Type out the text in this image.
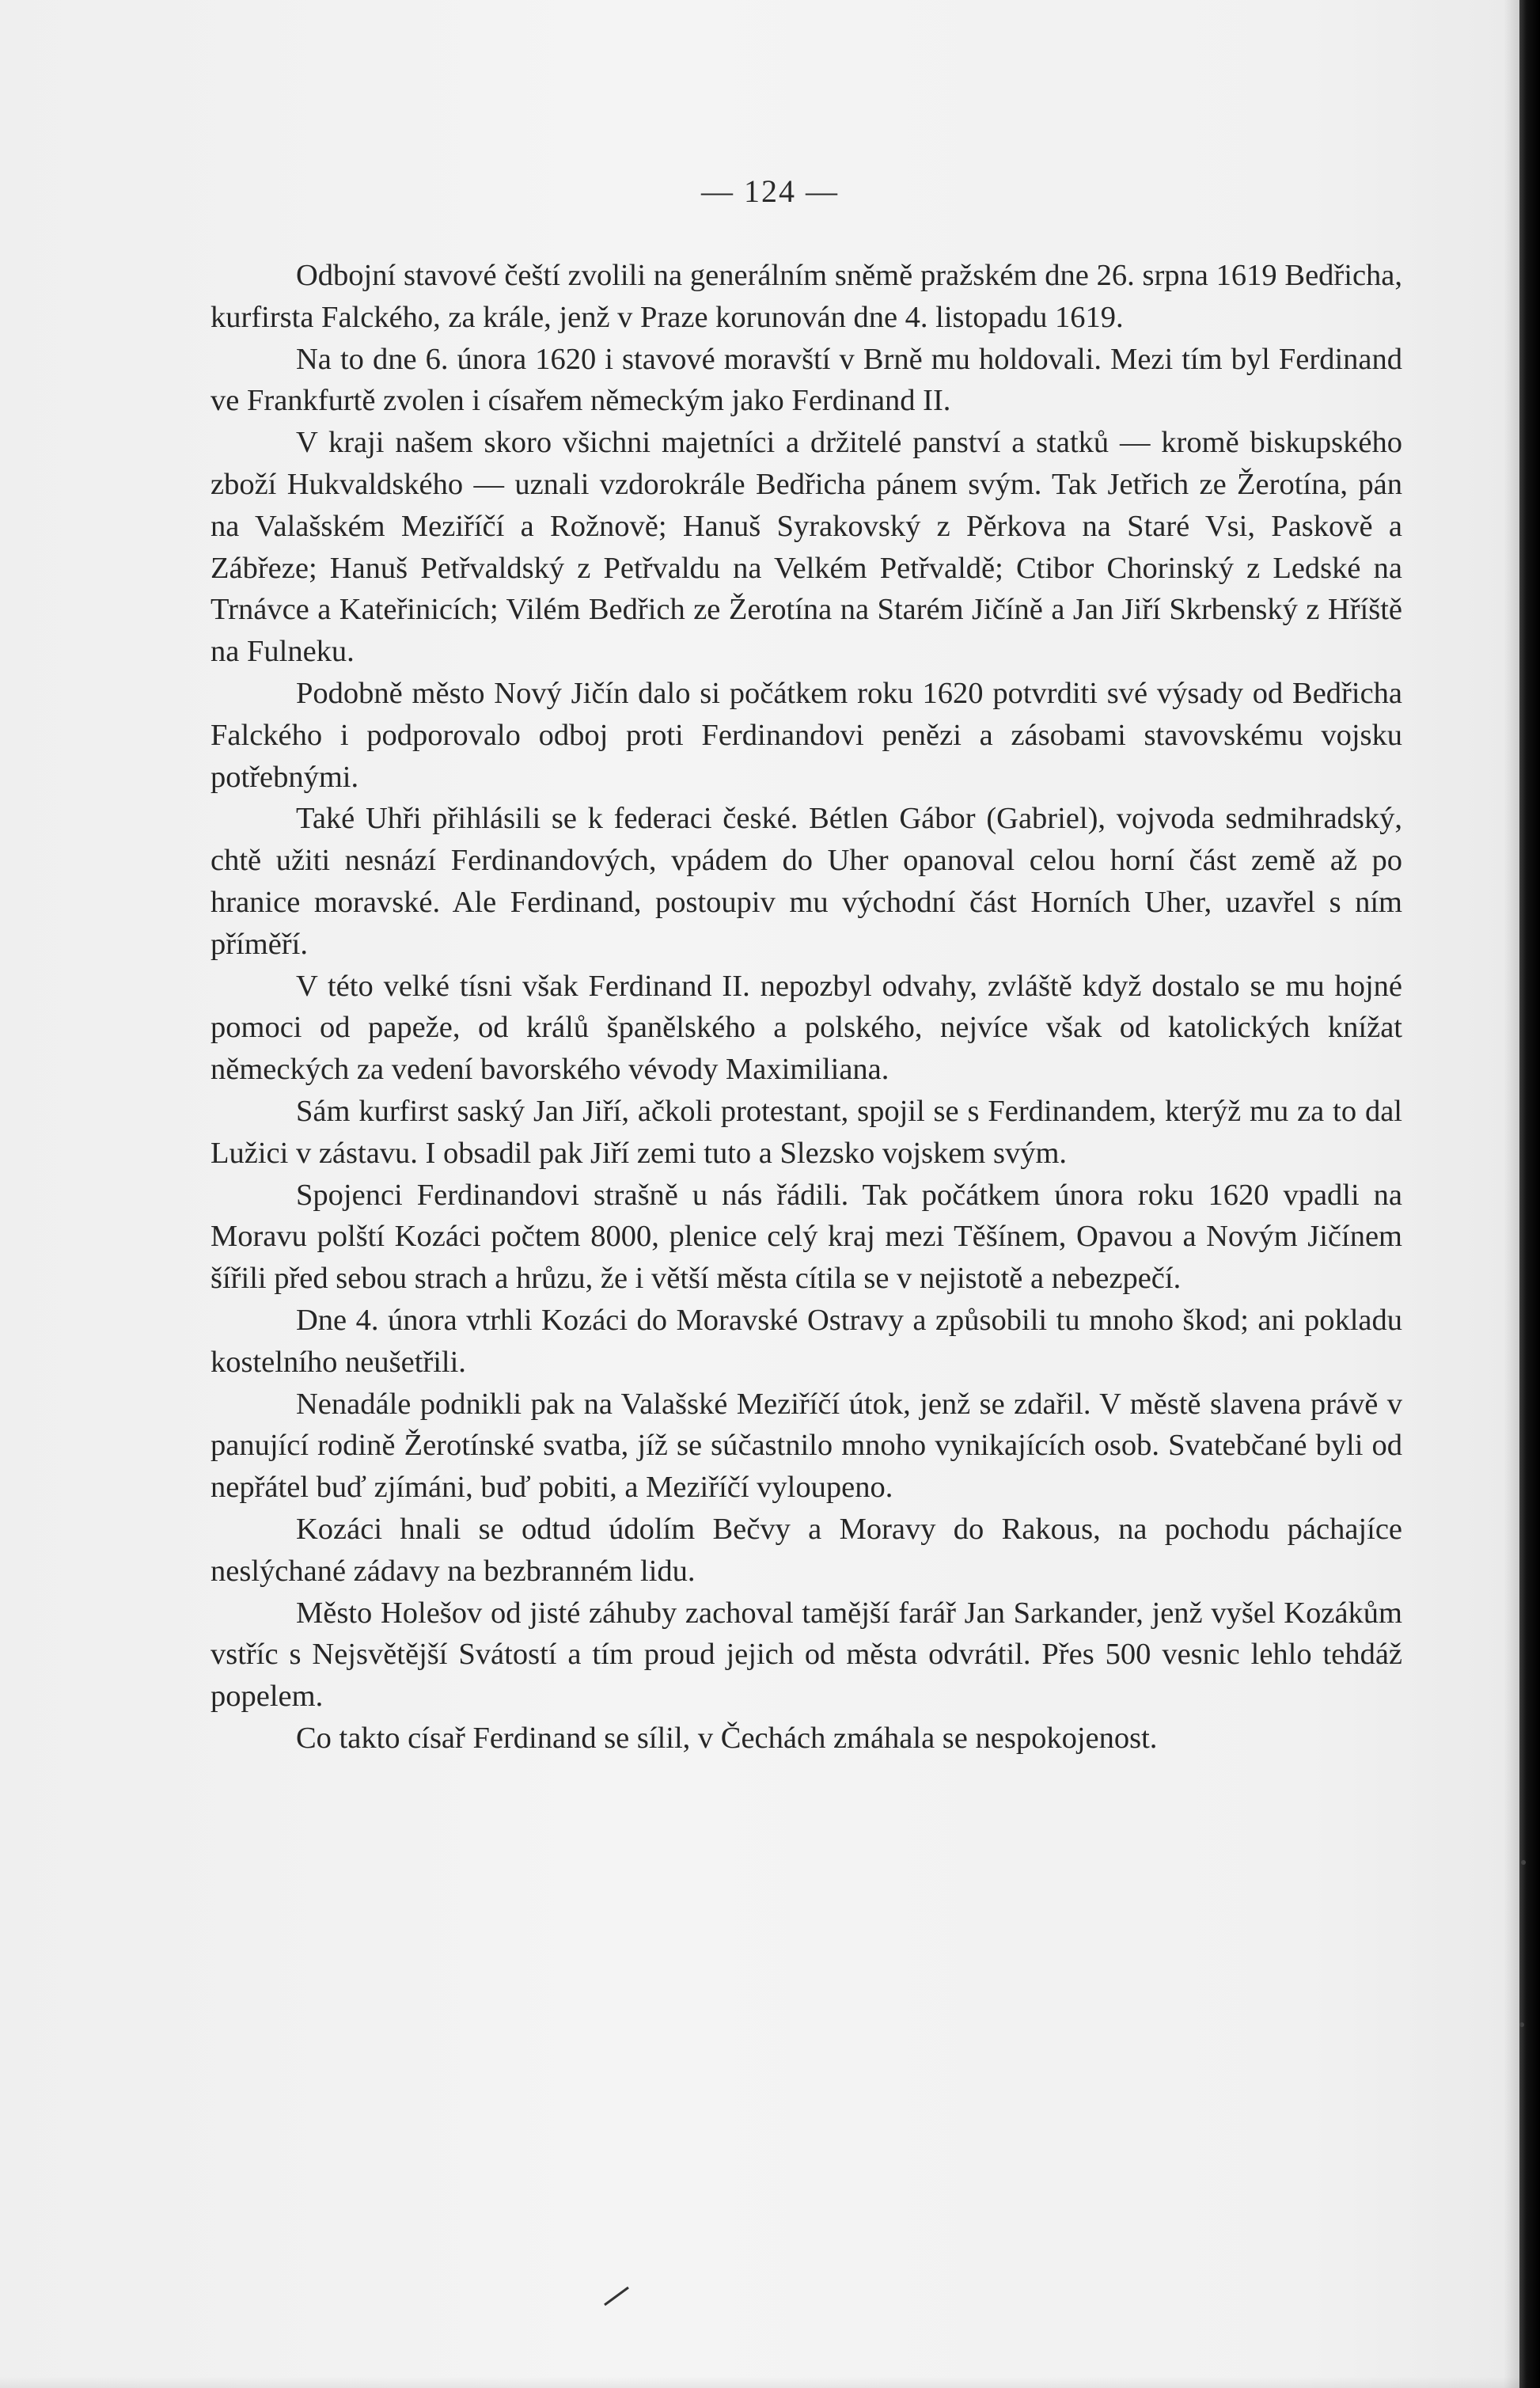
— 124 —

Odbojní stavové čeští zvolili na generálním sněmě pražském dne 26. srpna 1619 Bedřicha, kurfirsta Falckého, za krále, jenž v Praze korunován dne 4. listopadu 1619.

Na to dne 6. února 1620 i stavové moravští v Brně mu holdovali. Mezi tím byl Ferdinand ve Frankfurtě zvolen i císařem německým jako Ferdinand II.

V kraji našem skoro všichni majetníci a držitelé panství a statků — kromě biskupského zboží Hukvaldského — uznali vzdorokrále Bedřicha pánem svým. Tak Jetřich ze Žerotína, pán na Valašském Meziříčí a Rožnově; Hanuš Syrakovský z Pěrkova na Staré Vsi, Paskově a Zábřeze; Hanuš Petřvaldský z Petřvaldu na Velkém Petřvaldě; Ctibor Chorinský z Ledské na Trnávce a Kateřinicích; Vilém Bedřich ze Žerotína na Starém Jičíně a Jan Jiří Skrbenský z Hříště na Fulneku.

Podobně město Nový Jičín dalo si počátkem roku 1620 potvrditi své výsady od Bedřicha Falckého i podporovalo odboj proti Ferdinandovi penězi a zásobami stavovskému vojsku potřebnými.

Také Uhři přihlásili se k federaci české. Bétlen Gábor (Gabriel), vojvoda sedmihradský, chtě užiti nesnází Ferdinandových, vpádem do Uher opanoval celou horní část země až po hranice moravské. Ale Ferdinand, postoupiv mu východní část Horních Uher, uzavřel s ním příměří.

V této velké tísni však Ferdinand II. nepozbyl odvahy, zvláště když dostalo se mu hojné pomoci od papeže, od králů španělského a polského, nejvíce však od katolických knížat německých za vedení bavorského vévody Maximiliana.

Sám kurfirst saský Jan Jiří, ačkoli protestant, spojil se s Ferdinandem, kterýž mu za to dal Lužici v zástavu. I obsadil pak Jiří zemi tuto a Slezsko vojskem svým.

Spojenci Ferdinandovi strašně u nás řádili. Tak počátkem února roku 1620 vpadli na Moravu polští Kozáci počtem 8000, plenice celý kraj mezi Těšínem, Opavou a Novým Jičínem šířili před sebou strach a hrůzu, že i větší města cítila se v nejistotě a nebezpečí.

Dne 4. února vtrhli Kozáci do Moravské Ostravy a způsobili tu mnoho škod; ani pokladu kostelního neušetřili.

Nenadále podnikli pak na Valašské Meziříčí útok, jenž se zdařil. V městě slavena právě v panující rodině Žerotínské svatba, jíž se súčastnilo mnoho vynikajících osob. Svatebčané byli od nepřátel buď zjímáni, buď pobiti, a Meziříčí vyloupeno.

Kozáci hnali se odtud údolím Bečvy a Moravy do Rakous, na pochodu páchajíce neslýchané zádavy na bezbranném lidu.

Město Holešov od jisté záhuby zachoval tamější farář Jan Sarkander, jenž vyšel Kozákům vstříc s Nejsvětější Svátostí a tím proud jejich od města odvrátil. Přes 500 vesnic lehlo tehdáž popelem.

Co takto císař Ferdinand se sílil, v Čechách zmáhala se nespokojenost.
